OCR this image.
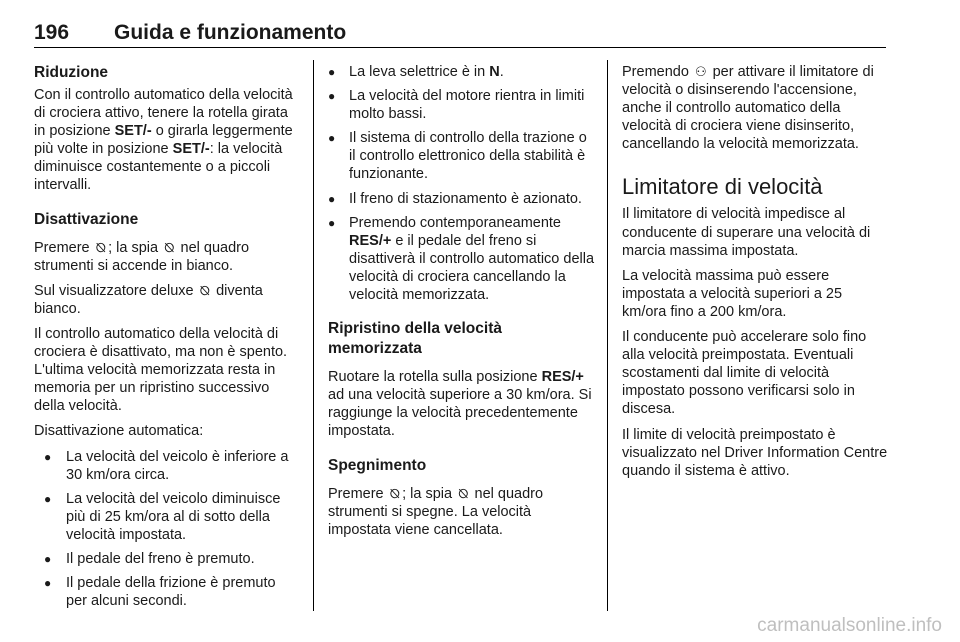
196 Guida e funzionamento
Riduzione

Con il controllo automatico della velocità di crociera attivo, tenere la rotella girata in posizione SET/- o girarla leggermente più volte in posizione SET/-: la velocità diminuisce costantemente o a piccoli intervalli.

Disattivazione

Premere ⦰ ; la spia ⦰ nel quadro strumenti si accende in bianco.

Sul visualizzatore deluxe ⦰ diventa bianco.

Il controllo automatico della velocità di crociera è disattivato, ma non è spento. L'ultima velocità memorizzata resta in memoria per un ripristino successivo della velocità.

Disattivazione automatica:

● La velocità del veicolo è inferiore a 30 km/ora circa.
● La velocità del veicolo diminuisce più di 25 km/ora al di sotto della velocità impostata.
● Il pedale del freno è premuto.
● Il pedale della frizione è premuto per alcuni secondi.
● La leva selettrice è in N.
● La velocità del motore rientra in limiti molto bassi.
● Il sistema di controllo della trazione o il controllo elettronico della stabilità è funzionante.
● Il freno di stazionamento è azionato.
● Premendo contemporaneamente RES/+ e il pedale del freno si disattiverà il controllo automatico della velocità di crociera cancellando la velocità memorizzata.
Ripristino della velocità memorizzata

Ruotare la rotella sulla posizione RES/+ ad una velocità superiore a 30 km/ora. Si raggiunge la velocità precedentemente impostata.

Spegnimento

Premere ⦰ ; la spia ⦰ nel quadro strumenti si spegne. La velocità impostata viene cancellata.

Premendo ⚇ per attivare il limitatore di velocità o disinserendo l'accensione, anche il controllo automatico della velocità di crociera viene disinserito, cancellando la velocità memorizzata.

Limitatore di velocità

Il limitatore di velocità impedisce al conducente di superare una velocità di marcia massima impostata.

La velocità massima può essere impostata a velocità superiori a 25 km/ora fino a 200 km/ora.

Il conducente può accelerare solo fino alla velocità preimpostata. Eventuali scostamenti dal limite di velocità impostato possono verificarsi solo in discesa.

Il limite di velocità preimpostato è visualizzato nel Driver Information Centre quando il sistema è attivo.

carmanualsonline.info
